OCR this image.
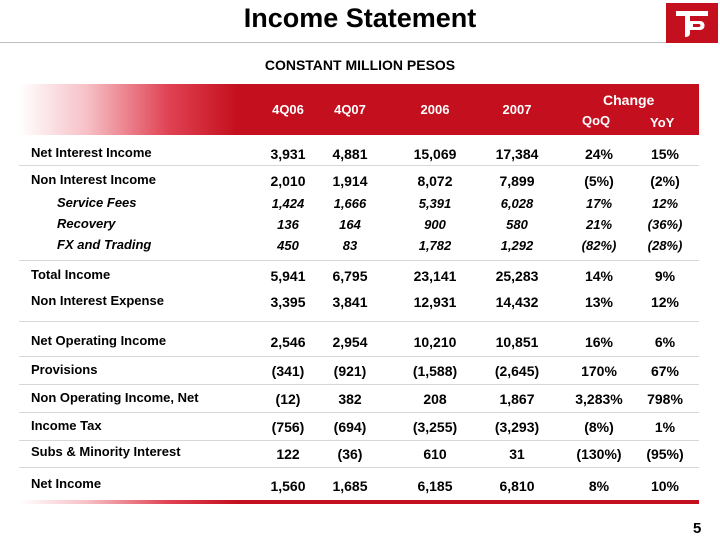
Income Statement
CONSTANT MILLION PESOS
4Q06	4Q07	2006	2007
Change
QoQ	YoY
Net Interest Income	3,931	4,881	15,069	17,384	24%	15%
Non Interest Income	2,010	1,914	8,072	7,899	(5%)	(2%)
Service Fees	1,424	1,666	5,391	6,028	17%	12%
Recovery	136	164	900	580	21%	(36%)
FX and Trading	450	83	1,782	1,292	(82%)	(28%)
Total Income	5,941	6,795	23,141	25,283	14%	9%
Non Interest Expense	3,395	3,841	12,931	14,432	13%	12%
Net Operating Income	2,546	2,954	10,210	10,851	16%	6%
Provisions	(341)	(921)	(1,588)	(2,645)	170%	67%
Non Operating Income, Net	(12)	382	208	1,867	3,283%	798%
Income Tax	(756)	(694)	(3,255)	(3,293)	(8%)	1%
Subs & Minority Interest	122	(36)	610	31	(130%)	(95%)
Net Income	1,560	1,685	6,185	6,810	8%	10%
5
